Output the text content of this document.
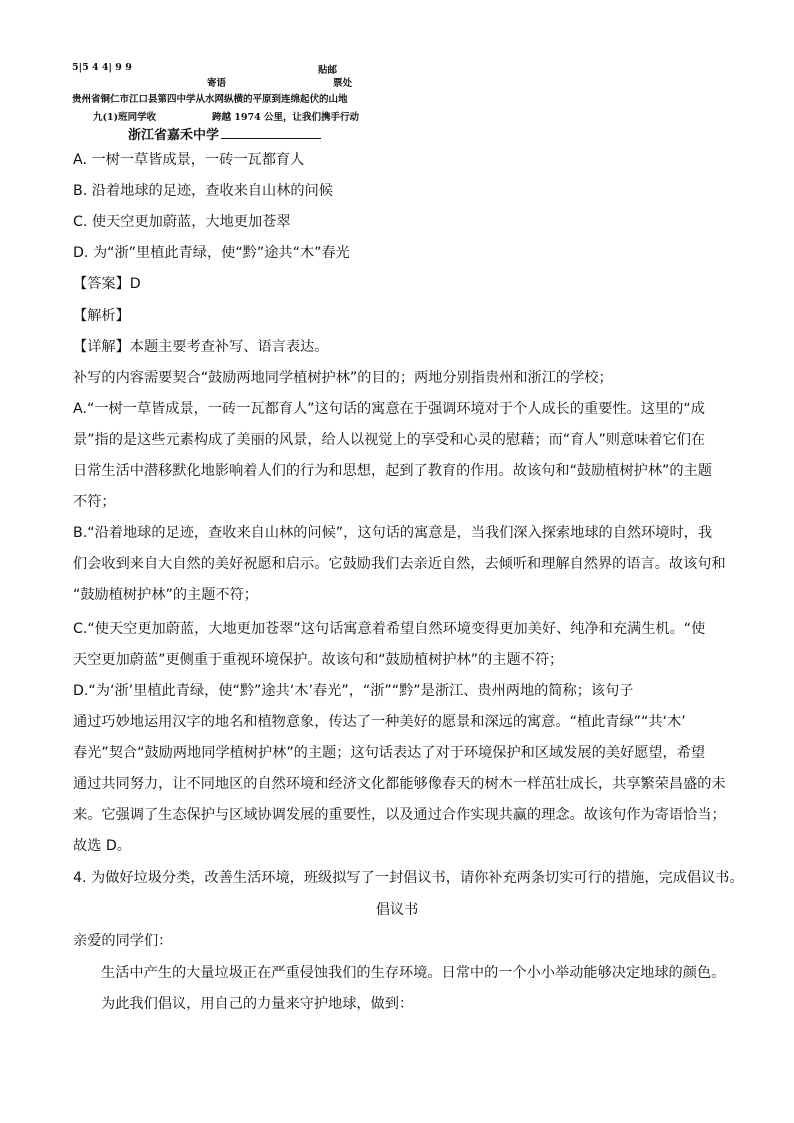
5|5 4 4| 9 9	贴邮
寄语	票处
贵州省铜仁市江口县第四中学从水网纵横的平原到连绵起伏的山地
九(1)班同学收	跨越 1974 公里，让我们携手行动
浙江省嘉禾中学
A. 一树一草皆成景，一砖一瓦都育人
B. 沿着地球的足迹，查收来自山林的问候
C. 使天空更加蔚蓝，大地更加苍翠
D. 为“浙”里植此青绿，使“黔”途共“木”春光
【答案】D
【解析】
【详解】本题主要考查补写、语言表达。
补写的内容需要契合“鼓励两地同学植树护林”的目的；两地分别指贵州和浙江的学校；
A.“一树一草皆成景，一砖一瓦都育人”这句话的寓意在于强调环境对于个人成长的重要性。这里的“成
景”指的是这些元素构成了美丽的风景，给人以视觉上的享受和心灵的慰藉；而“育人”则意味着它们在
日常生活中潜移默化地影响着人们的行为和思想，起到了教育的作用。故该句和“鼓励植树护林”的主题
不符；
B.“沿着地球的足迹，查收来自山林的问候”，这句话的寓意是，当我们深入探索地球的自然环境时，我
们会收到来自大自然的美好祝愿和启示。它鼓励我们去亲近自然，去倾听和理解自然界的语言。故该句和
“鼓励植树护林”的主题不符；
C.“使天空更加蔚蓝，大地更加苍翠”这句话寓意着希望自然环境变得更加美好、纯净和充满生机。“使
天空更加蔚蓝”更侧重于重视环境保护。故该句和“鼓励植树护林”的主题不符；
D.“为‘浙’里植此青绿，使“黔”途共‘木’春光”，“浙”“黔”是浙江、贵州两地的简称；该句子
通过巧妙地运用汉字的地名和植物意象，传达了一种美好的愿景和深远的寓意。“植此青绿”“共‘木’
春光”契合“鼓励两地同学植树护林”的主题；这句话表达了对于环境保护和区域发展的美好愿望，希望
通过共同努力，让不同地区的自然环境和经济文化都能够像春天的树木一样茁壮成长，共享繁荣昌盛的未
来。它强调了生态保护与区域协调发展的重要性，以及通过合作实现共赢的理念。故该句作为寄语恰当；
故选 D。
4. 为做好垃圾分类，改善生活环境，班级拟写了一封倡议书，请你补充两条切实可行的措施，完成倡议书。
倡议书
亲爱的同学们：
生活中产生的大量垃圾正在严重侵蚀我们的生存环境。日常中的一个小小举动能够决定地球的颜色。
为此我们倡议，用自己的力量来守护地球，做到：
